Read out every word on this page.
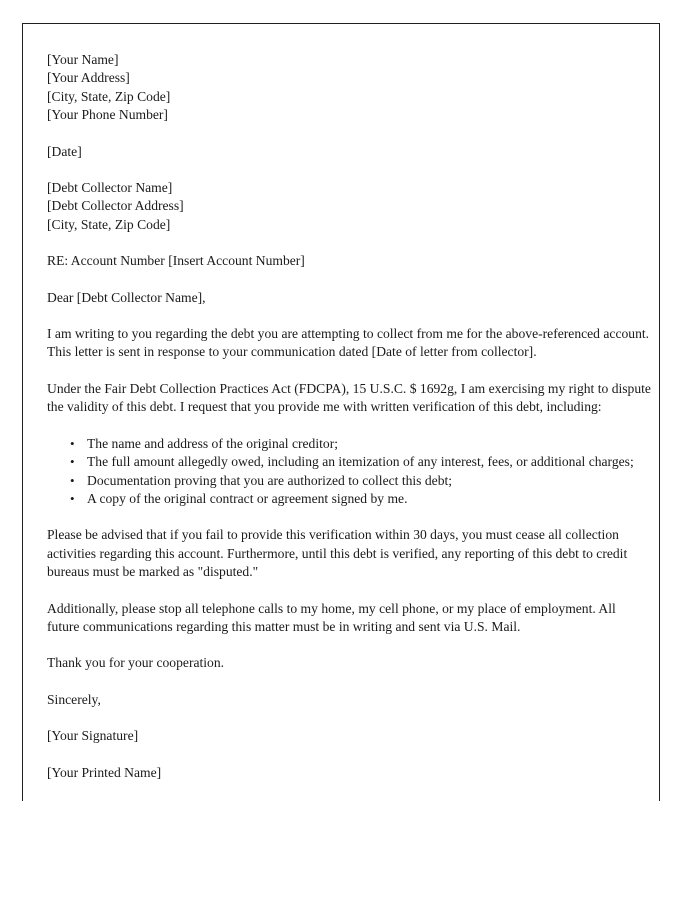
[Your Name]
[Your Address]
[City, State, Zip Code]
[Your Phone Number]

[Date]

[Debt Collector Name]
[Debt Collector Address]
[City, State, Zip Code]

RE: Account Number [Insert Account Number]

Dear [Debt Collector Name],

I am writing to you regarding the debt you are attempting to collect from me for the above-referenced account. This letter is sent in response to your communication dated [Date of letter from collector].

Under the Fair Debt Collection Practices Act (FDCPA), 15 U.S.C. $ 1692g, I am exercising my right to dispute the validity of this debt. I request that you provide me with written verification of this debt, including:

• The name and address of the original creditor;
• The full amount allegedly owed, including an itemization of any interest, fees, or additional charges;
• Documentation proving that you are authorized to collect this debt;
• A copy of the original contract or agreement signed by me.

Please be advised that if you fail to provide this verification within 30 days, you must cease all collection activities regarding this account. Furthermore, until this debt is verified, any reporting of this debt to credit bureaus must be marked as "disputed."

Additionally, please stop all telephone calls to my home, my cell phone, or my place of employment. All future communications regarding this matter must be in writing and sent via U.S. Mail.

Thank you for your cooperation.

Sincerely,

[Your Signature]

[Your Printed Name]
